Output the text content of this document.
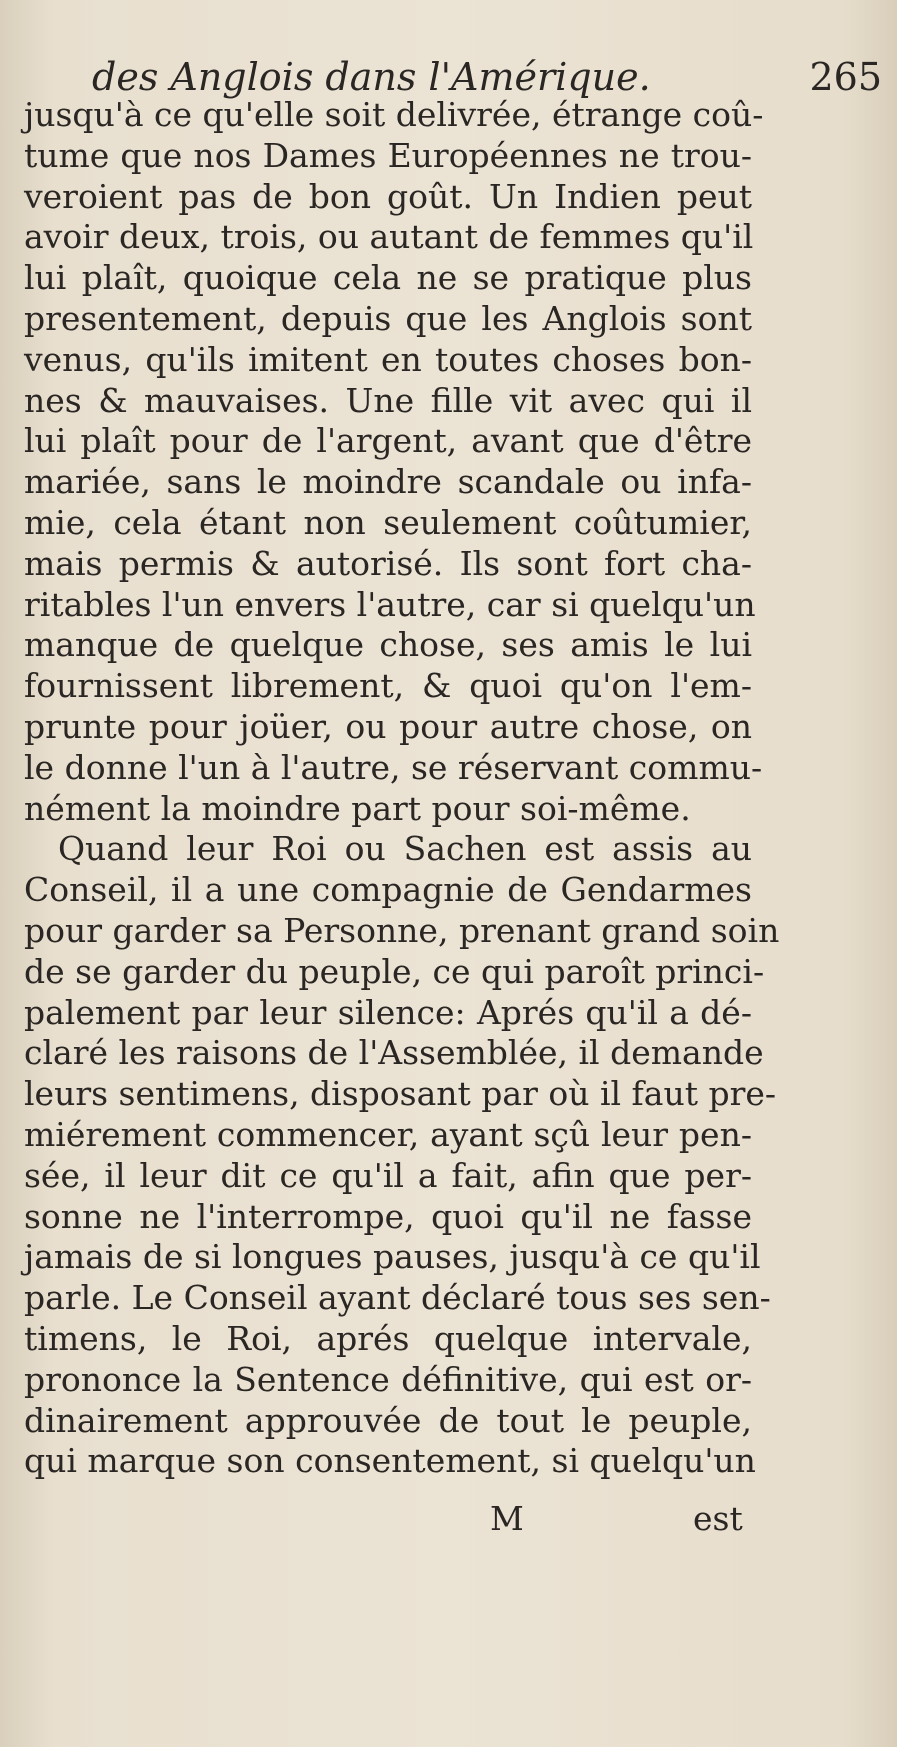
des Anglois dans l'Amérique.	265
jusqu'à ce qu'elle soit delivrée, étrange coû-
tume que nos Dames Européennes ne trou-
veroient pas de bon goût. Un Indien peut
avoir deux, trois, ou autant de femmes qu'il
lui plaît, quoique cela ne se pratique plus
presentement, depuis que les Anglois sont
venus, qu'ils imitent en toutes choses bon-
nes & mauvaises. Une fille vit avec qui il
lui plaît pour de l'argent, avant que d'être
mariée, sans le moindre scandale ou infa-
mie, cela étant non seulement coûtumier,
mais permis & autorisé. Ils sont fort cha-
ritables l'un envers l'autre, car si quelqu'un
manque de quelque chose, ses amis le lui
fournissent librement, & quoi qu'on l'em-
prunte pour joüer, ou pour autre chose, on
le donne l'un à l'autre, se réservant commu-
nément la moindre part pour soi-même.
Quand leur Roi ou Sachen est assis au
Conseil, il a une compagnie de Gendarmes
pour garder sa Personne, prenant grand soin
de se garder du peuple, ce qui paroît princi-
palement par leur silence: Aprés qu'il a dé-
claré les raisons de l'Assemblée, il demande
leurs sentimens, disposant par où il faut pre-
miérement commencer, ayant sçû leur pen-
sée, il leur dit ce qu'il a fait, afin que per-
sonne ne l'interrompe, quoi qu'il ne fasse
jamais de si longues pauses, jusqu'à ce qu'il
parle. Le Conseil ayant déclaré tous ses sen-
timens, le Roi, aprés quelque intervale,
prononce la Sentence définitive, qui est or-
dinairement approuvée de tout le peuple,
qui marque son consentement, si quelqu'un
M	est
